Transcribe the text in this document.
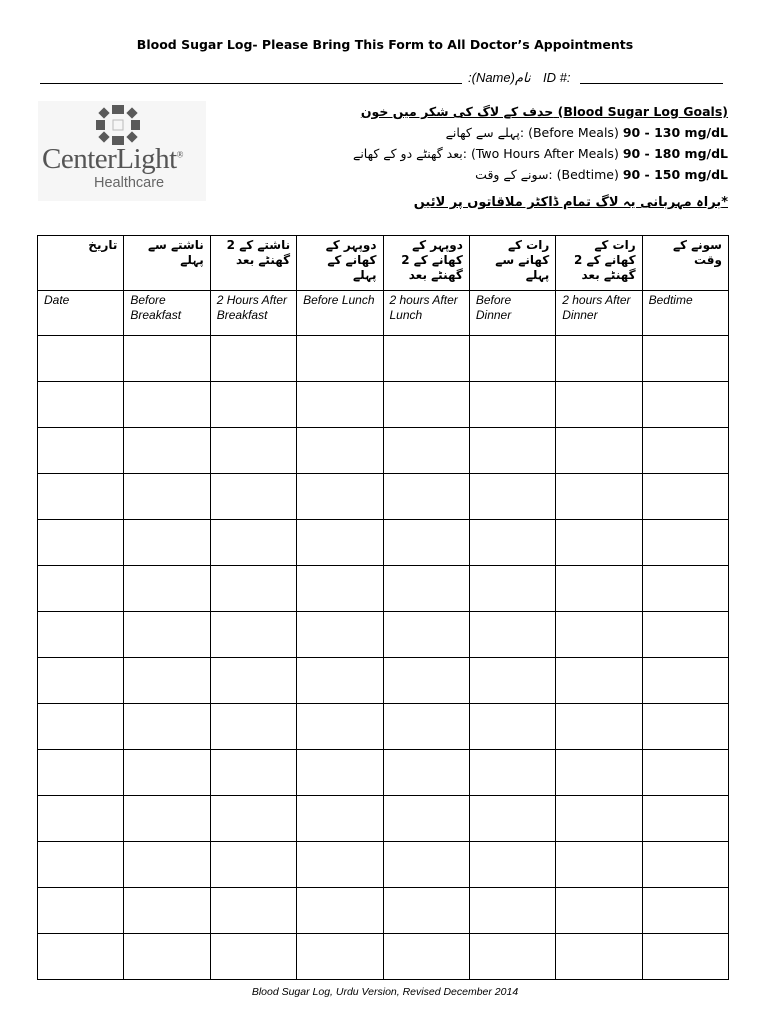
Blood Sugar Log- Please Bring This Form to All Doctor’s Appointments
:(Name)نام ID #:
CenterLight®
Healthcare
حدف کے لاگ کی شکر میں خون (Blood Sugar Log Goals)
پہلے سے کھانے: (Before Meals) 90 - 130 mg/dL
بعد گھنٹے دو کے کھانے: (Two Hours After Meals) 90 - 180 mg/dL
سونے کے وقت: (Bedtime) 90 - 150 mg/dL
براہ مہربانی یہ لاگ تمام ڈاکٹر ملاقاتوں پر لائیں*
تاریخ	ناشتے سے پہلے	ناشتے کے 2 گھنٹے بعد	دوپہر کے کھانے کے پہلے	دوپہر کے کھانے کے 2 گھنٹے بعد	رات کے کھانے سے پہلے	رات کے کھانے کے 2 گھنٹے بعد	سونے کے وقت
Date	Before Breakfast	2 Hours After Breakfast	Before Lunch	2 hours After Lunch	Before Dinner	2 hours After Dinner	Bedtime

Blood Sugar Log, Urdu Version, Revised December 2014
